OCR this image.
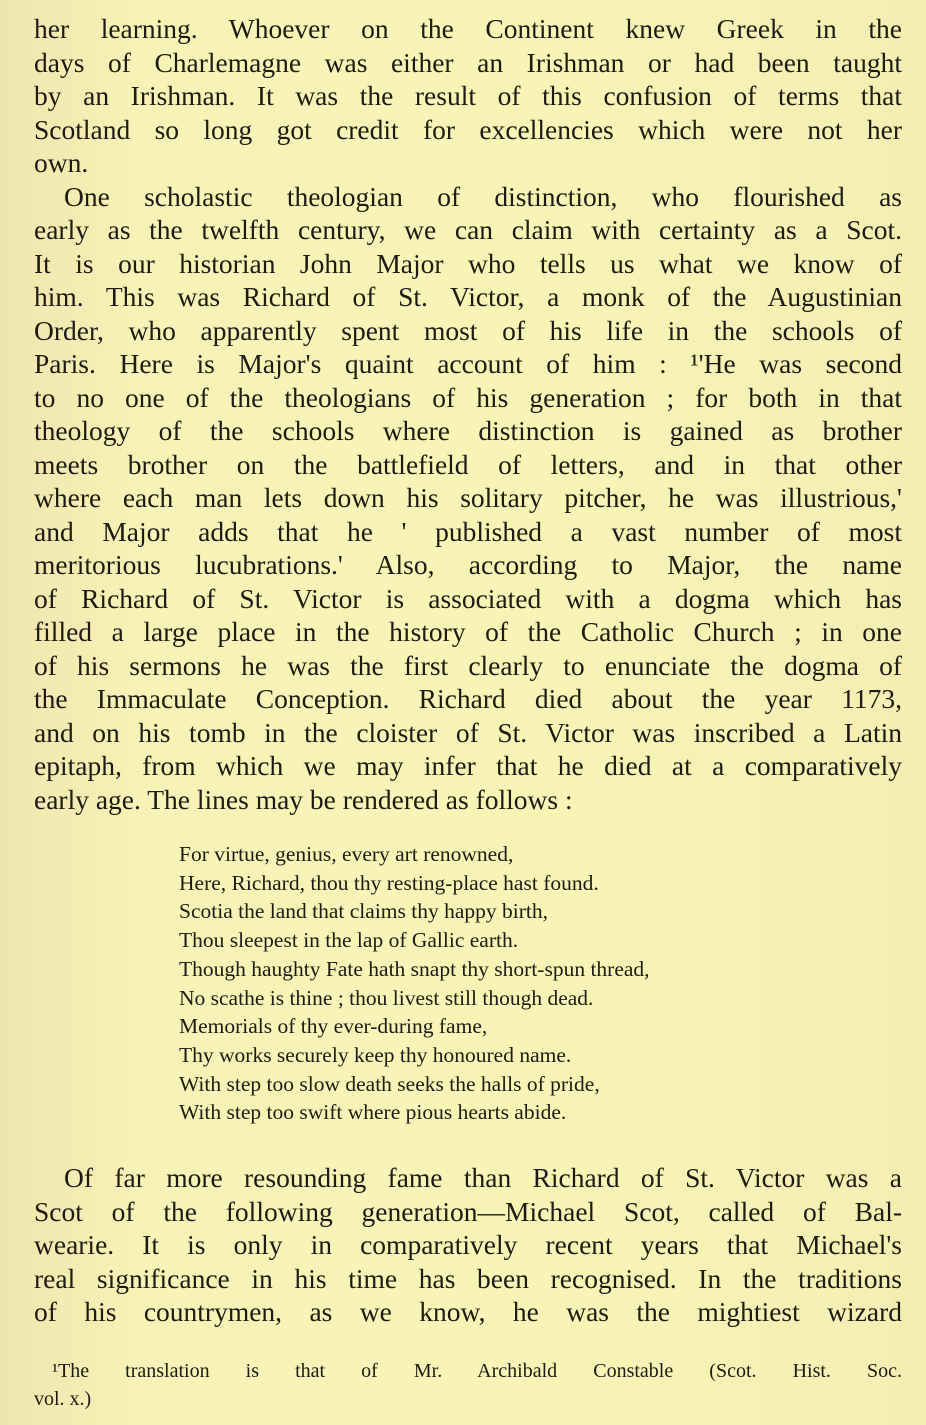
her learning. Whoever on the Continent knew Greek in the
days of Charlemagne was either an Irishman or had been taught
by an Irishman. It was the result of this confusion of terms that
Scotland so long got credit for excellencies which were not her
own.
One scholastic theologian of distinction, who flourished as
early as the twelfth century, we can claim with certainty as a Scot.
It is our historian John Major who tells us what we know of
him. This was Richard of St. Victor, a monk of the Augustinian
Order, who apparently spent most of his life in the schools of
Paris. Here is Major's quaint account of him : ¹'He was second
to no one of the theologians of his generation ; for both in that
theology of the schools where distinction is gained as brother
meets brother on the battlefield of letters, and in that other
where each man lets down his solitary pitcher, he was illustrious,'
and Major adds that he ' published a vast number of most
meritorious lucubrations.' Also, according to Major, the name
of Richard of St. Victor is associated with a dogma which has
filled a large place in the history of the Catholic Church ; in one
of his sermons he was the first clearly to enunciate the dogma of
the Immaculate Conception. Richard died about the year 1173,
and on his tomb in the cloister of St. Victor was inscribed a Latin
epitaph, from which we may infer that he died at a comparatively
early age. The lines may be rendered as follows :
For virtue, genius, every art renowned,
Here, Richard, thou thy resting-place hast found.
Scotia the land that claims thy happy birth,
Thou sleepest in the lap of Gallic earth.
Though haughty Fate hath snapt thy short-spun thread,
No scathe is thine ; thou livest still though dead.
Memorials of thy ever-during fame,
Thy works securely keep thy honoured name.
With step too slow death seeks the halls of pride,
With step too swift where pious hearts abide.
Of far more resounding fame than Richard of St. Victor was a
Scot of the following generation—Michael Scot, called of Bal-
wearie. It is only in comparatively recent years that Michael's
real significance in his time has been recognised. In the traditions
of his countrymen, as we know, he was the mightiest wizard
¹The translation is that of Mr. Archibald Constable (Scot. Hist. Soc.
vol. x.)
